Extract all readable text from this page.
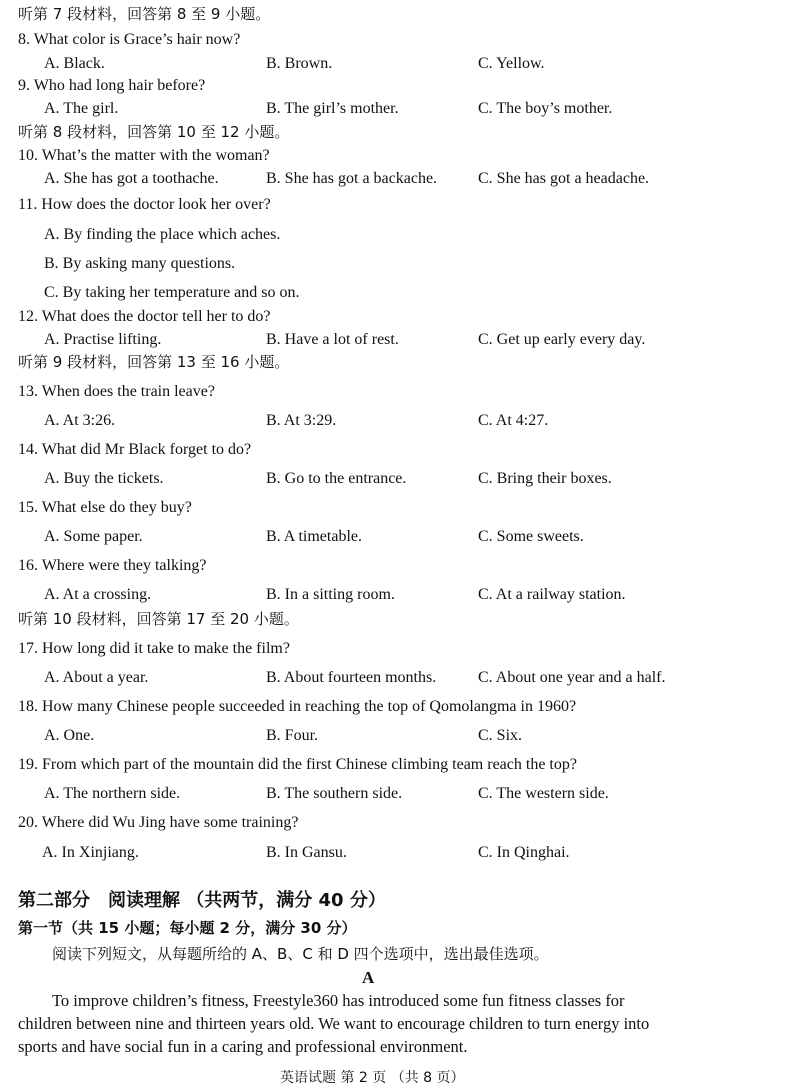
听第 7 段材料，回答第 8 至 9 小题。
8. What color is Grace’s hair now?
A. Black.	B. Brown.	C. Yellow.
9. Who had long hair before?
A. The girl.	B. The girl’s mother.	C. The boy’s mother.
听第 8 段材料，回答第 10 至 12 小题。
10. What’s the matter with the woman?
A. She has got a toothache.	B. She has got a backache.	C. She has got a headache.
11. How does the doctor look her over?
A. By finding the place which aches.
B. By asking many questions.
C. By taking her temperature and so on.
12. What does the doctor tell her to do?
A. Practise lifting.	B. Have a lot of rest.	C. Get up early every day.
听第 9 段材料，回答第 13 至 16 小题。
13. When does the train leave?
A. At 3:26.	B. At 3:29.	C. At 4:27.
14. What did Mr Black forget to do?
A. Buy the tickets.	B. Go to the entrance.	C. Bring their boxes.
15. What else do they buy?
A. Some paper.	B. A timetable.	C. Some sweets.
16. Where were they talking?
A. At a crossing.	B. In a sitting room.	C. At a railway station.
听第 10 段材料，回答第 17 至 20 小题。
17. How long did it take to make the film?
A. About a year.	B. About fourteen months.	C. About one year and a half.
18. How many Chinese people succeeded in reaching the top of Qomolangma in 1960?
A. One.	B. Four.	C. Six.
19. From which part of the mountain did the first Chinese climbing team reach the top?
A. The northern side.	B. The southern side.	C. The western side.
20. Where did Wu Jing have some training?
A. In Xinjiang.	B. In Gansu.	C. In Qinghai.
第二部分　阅读理解 （共两节，满分 40 分）
第一节（共 15 小题；每小题 2 分，满分 30 分）
阅读下列短文，从每题所给的 A、B、C 和 D 四个选项中，选出最佳选项。
A
To improve children’s fitness, Freestyle360 has introduced some fun fitness classes for
children between nine and thirteen years old. We want to encourage children to turn energy into
sports and have social fun in a caring and professional environment.
英语试题 第 2 页 （共 8 页）
